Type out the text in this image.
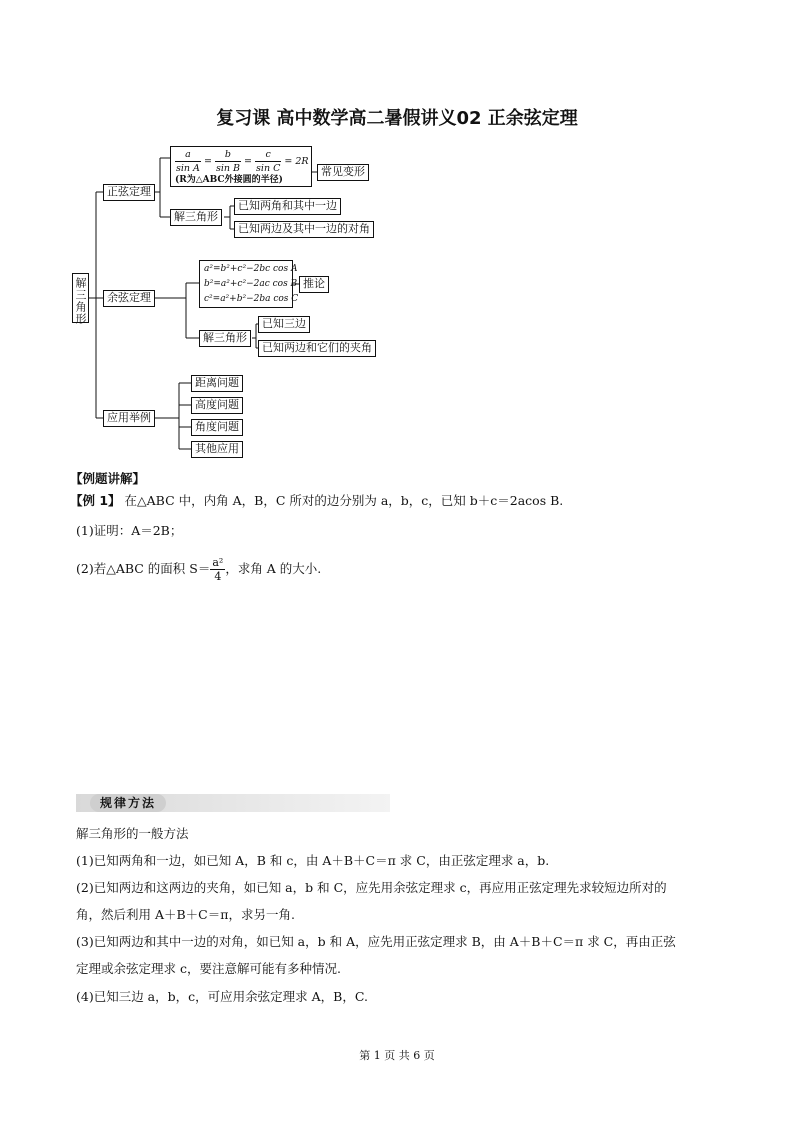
复习课 高中数学高二暑假讲义02 正余弦定理
解三角形
正弦定理
$\frac{a}{\text{sin A}} = \frac{b}{\text{sin B}} = \frac{c}{\text{sin C}} = 2R$
(R为△ABC外接圆的半径)
常见变形
解三角形
已知两角和其中一边
已知两边及其中一边的对角
余弦定理
a²=b²+c²−2bc cos A
b²=a²+c²−2ac cos B
c²=a²+b²−2ba cos C
推论
解三角形
已知三边
已知两边和它们的夹角
应用举例
距离问题
高度问题
角度问题
其他应用
【例题讲解】
【例 1】 在△ABC 中，内角 A，B，C 所对的边分别为 a，b，c，已知 b＋c＝2acos B.
(1)证明：A＝2B；
(2)若△ABC 的面积 $S= \frac{\text{a²}}{4}$ ，求角 A 的大小.
规律方法
解三角形的一般方法
(1)已知两角和一边，如已知 A，B 和 c，由 A＋B＋C＝π 求 C，由正弦定理求 a，b.
(2)已知两边和这两边的夹角，如已知 a，b 和 C，应先用余弦定理求 c，再应用正弦定理先求较短边所对的
角，然后利用 A＋B＋C＝π，求另一角.
(3)已知两边和其中一边的对角，如已知 a，b 和 A，应先用正弦定理求 B，由 A＋B＋C＝π 求 C，再由正弦
定理或余弦定理求 c，要注意解可能有多种情况.
(4)已知三边 a，b，c，可应用余弦定理求 A，B，C.
第 1 页 共 6 页
